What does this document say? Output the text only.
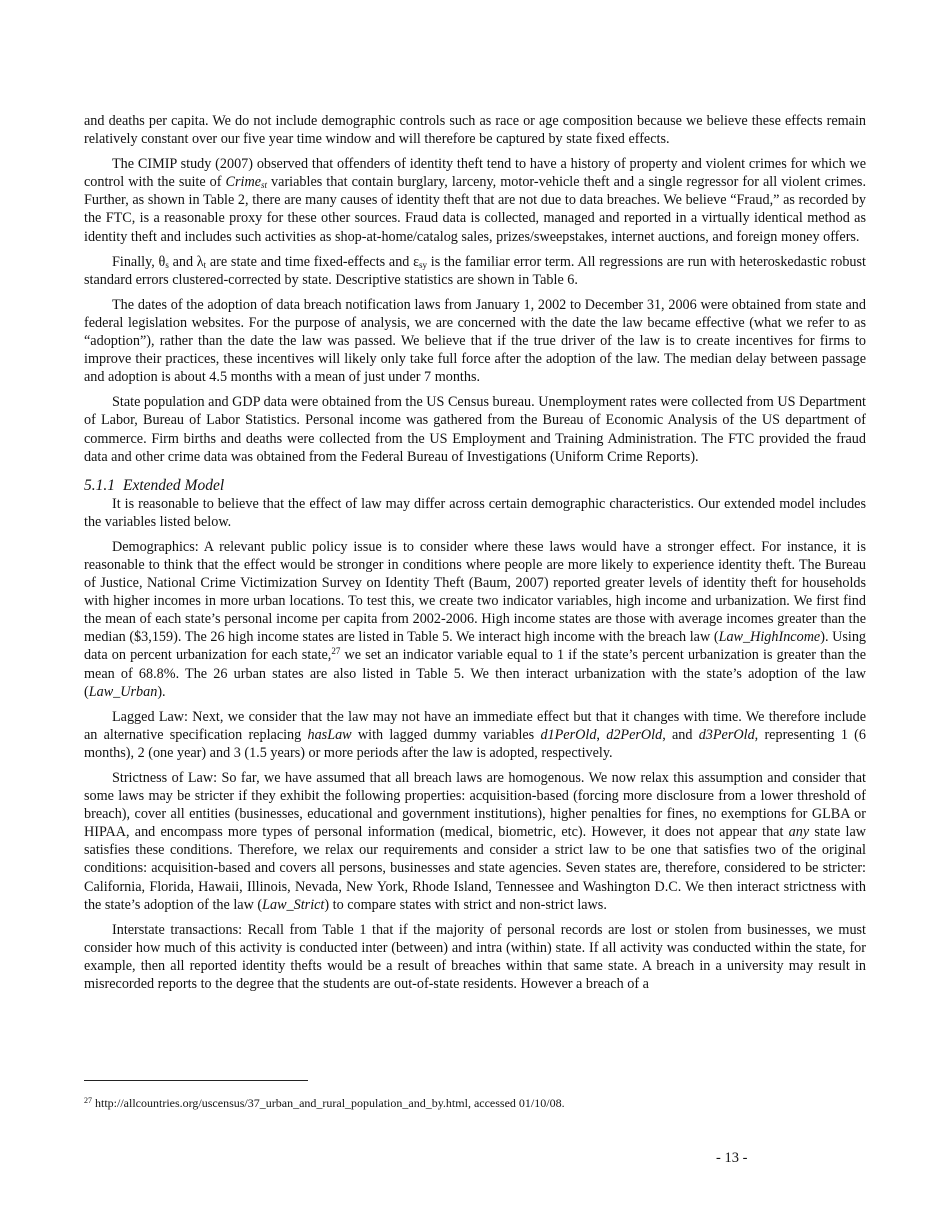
and deaths per capita. We do not include demographic controls such as race or age composition because we believe these effects remain relatively constant over our five year time window and will therefore be captured by state fixed effects.

The CIMIP study (2007) observed that offenders of identity theft tend to have a history of property and violent crimes for which we control with the suite of Crime$_{st}$ variables that contain burglary, larceny, motor-vehicle theft and a single regressor for all violent crimes. Further, as shown in Table 2, there are many causes of identity theft that are not due to data breaches. We believe “Fraud,” as recorded by the FTC, is a reasonable proxy for these other sources. Fraud data is collected, managed and reported in a virtually identical method as identity theft and includes such activities as shop-at-home/catalog sales, prizes/sweepstakes, internet auctions, and foreign money offers.

Finally, $\theta_s$ and $\lambda_t$ are state and time fixed-effects and $\varepsilon_{sy}$ is the familiar error term. All regressions are run with heteroskedastic robust standard errors clustered-corrected by state. Descriptive statistics are shown in Table 6.

The dates of the adoption of data breach notification laws from January 1, 2002 to December 31, 2006 were obtained from state and federal legislation websites. For the purpose of analysis, we are concerned with the date the law became effective (what we refer to as “adoption”), rather than the date the law was passed. We believe that if the true driver of the law is to create incentives for firms to improve their practices, these incentives will likely only take full force after the adoption of the law. The median delay between passage and adoption is about 4.5 months with a mean of just under 7 months.

State population and GDP data were obtained from the US Census bureau. Unemployment rates were collected from US Department of Labor, Bureau of Labor Statistics. Personal income was gathered from the Bureau of Economic Analysis of the US department of commerce. Firm births and deaths were collected from the US Employment and Training Administration. The FTC provided the fraud data and other crime data was obtained from the Federal Bureau of Investigations (Uniform Crime Reports).

5.1.1 Extended Model

It is reasonable to believe that the effect of law may differ across certain demographic characteristics. Our extended model includes the variables listed below.

Demographics: A relevant public policy issue is to consider where these laws would have a stronger effect. For instance, it is reasonable to think that the effect would be stronger in conditions where people are more likely to experience identity theft. The Bureau of Justice, National Crime Victimization Survey on Identity Theft (Baum, 2007) reported greater levels of identity theft for households with higher incomes in more urban locations. To test this, we create two indicator variables, high income and urbanization. We first find the mean of each state’s personal income per capita from 2002-2006. High income states are those with average incomes greater than the median ($3,159). The 26 high income states are listed in Table 5. We interact high income with the breach law (Law_HighIncome). Using data on percent urbanization for each state,$^{27}$ we set an indicator variable equal to 1 if the state’s percent urbanization is greater than the mean of 68.8%. The 26 urban states are also listed in Table 5. We then interact urbanization with the state’s adoption of the law (Law_Urban).

Lagged Law: Next, we consider that the law may not have an immediate effect but that it changes with time. We therefore include an alternative specification replacing hasLaw with lagged dummy variables d1PerOld, d2PerOld, and d3PerOld, representing 1 (6 months), 2 (one year) and 3 (1.5 years) or more periods after the law is adopted, respectively.

Strictness of Law: So far, we have assumed that all breach laws are homogenous. We now relax this assumption and consider that some laws may be stricter if they exhibit the following properties: acquisition-based (forcing more disclosure from a lower threshold of breach), cover all entities (businesses, educational and government institutions), higher penalties for fines, no exemptions for GLBA or HIPAA, and encompass more types of personal information (medical, biometric, etc). However, it does not appear that any state law satisfies these conditions. Therefore, we relax our requirements and consider a strict law to be one that satisfies two of the original conditions: acquisition-based and covers all persons, businesses and state agencies. Seven states are, therefore, considered to be stricter: California, Florida, Hawaii, Illinois, Nevada, New York, Rhode Island, Tennessee and Washington D.C. We then interact strictness with the state’s adoption of the law (Law_Strict) to compare states with strict and non-strict laws.

Interstate transactions: Recall from Table 1 that if the majority of personal records are lost or stolen from businesses, we must consider how much of this activity is conducted inter (between) and intra (within) state. If all activity was conducted within the state, for example, then all reported identity thefts would be a result of breaches within that same state. A breach in a university may result in misrecorded reports to the degree that the students are out-of-state residents. However a breach of a

$^{27}$ http://allcountries.org/uscensus/37_urban_and_rural_population_and_by.html, accessed 01/10/08.
- 13 -
